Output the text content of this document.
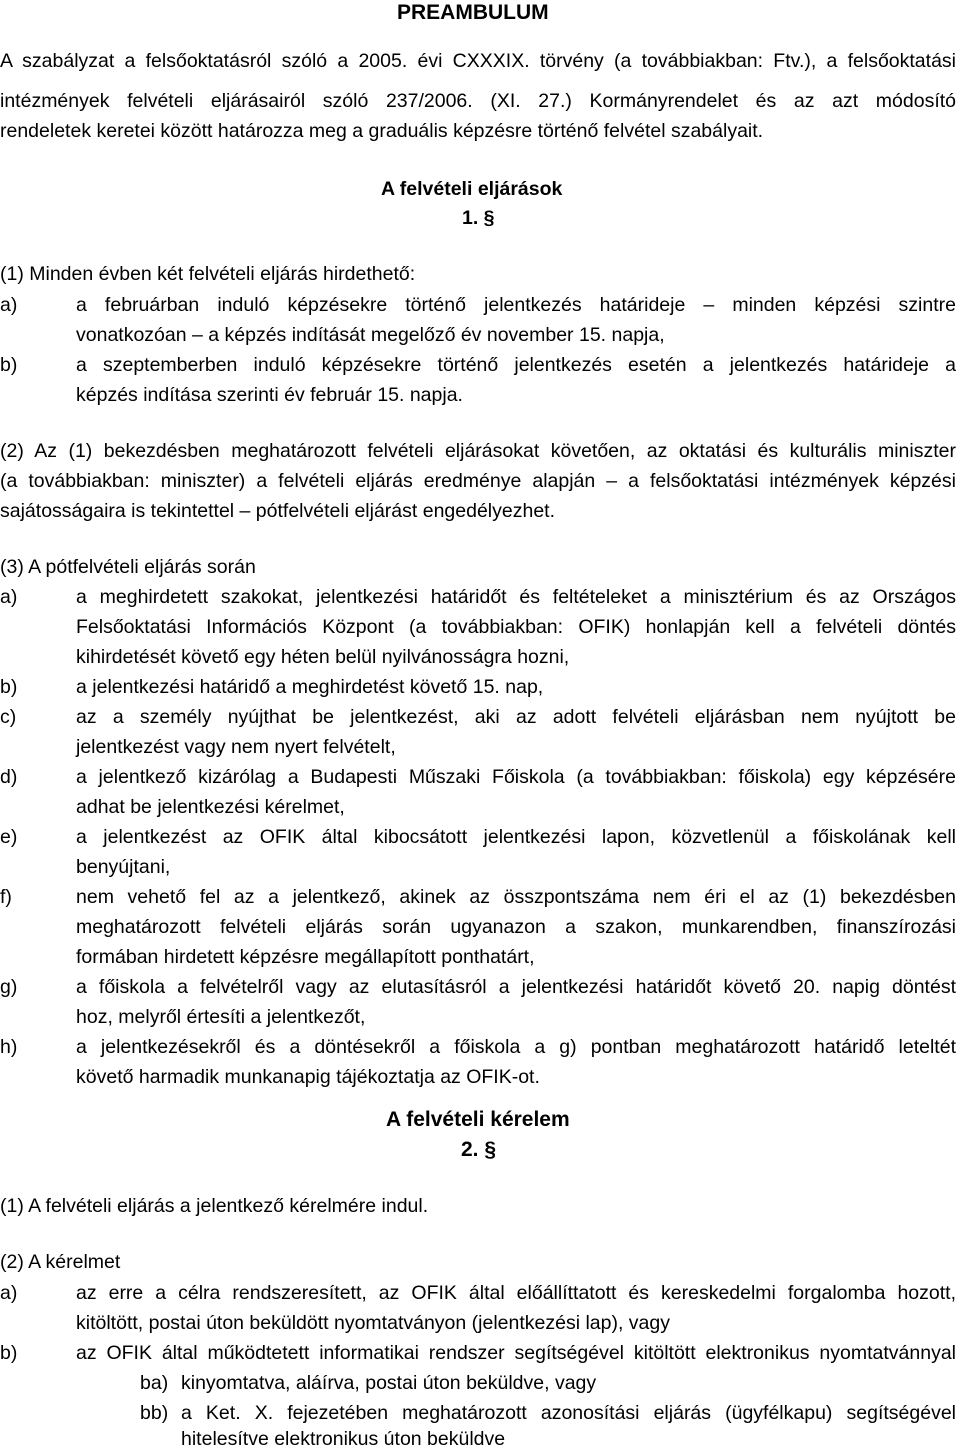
PREAMBULUM

A szabályzat a felsőoktatásról szóló a 2005. évi CXXXIX. törvény (a továbbiakban: Ftv.), a felsőoktatási

intézmények felvételi eljárásairól szóló 237/2006. (XI. 27.) Kormányrendelet és az azt módosító

rendeletek keretei között határozza meg a graduális képzésre történő felvétel szabályait.

A felvételi eljárások

1. §

(1) Minden évben két felvételi eljárás hirdethető:

a)	a februárban induló képzésekre történő jelentkezés határideje – minden képzési szintre

vonatkozóan – a képzés indítását megelőző év november 15. napja,

b)	a szeptemberben induló képzésekre történő jelentkezés esetén a jelentkezés határideje a

képzés indítása szerinti év február 15. napja.

(2) Az (1) bekezdésben meghatározott felvételi eljárásokat követően, az oktatási és kulturális miniszter

(a továbbiakban: miniszter) a felvételi eljárás eredménye alapján – a felsőoktatási intézmények képzési

sajátosságaira is tekintettel – pótfelvételi eljárást engedélyezhet.

(3) A pótfelvételi eljárás során

a)	a meghirdetett szakokat, jelentkezési határidőt és feltételeket a minisztérium és az Országos

Felsőoktatási Információs Központ (a továbbiakban: OFIK) honlapján kell a felvételi döntés

kihirdetését követő egy héten belül nyilvánosságra hozni,

b)	a jelentkezési határidő a meghirdetést követő 15. nap,

c)	az a személy nyújthat be jelentkezést, aki az adott felvételi eljárásban nem nyújtott be

jelentkezést vagy nem nyert felvételt,

d)	a jelentkező kizárólag a Budapesti Műszaki Főiskola (a továbbiakban: főiskola) egy képzésére

adhat be jelentkezési kérelmet,

e)	a jelentkezést az OFIK által kibocsátott jelentkezési lapon, közvetlenül a főiskolának kell

benyújtani,

f)	nem vehető fel az a jelentkező, akinek az összpontszáma nem éri el az (1) bekezdésben

meghatározott felvételi eljárás során ugyanazon a szakon, munkarendben, finanszírozási

formában hirdetett képzésre megállapított ponthatárt,

g)	a főiskola a felvételről vagy az elutasításról a jelentkezési határidőt követő 20. napig döntést

hoz, melyről értesíti a jelentkezőt,

h)	a jelentkezésekről és a döntésekről a főiskola a g) pontban meghatározott határidő leteltét

követő harmadik munkanapig tájékoztatja az OFIK-ot.

A felvételi kérelem

2. §

(1) A felvételi eljárás a jelentkező kérelmére indul.

(2) A kérelmet

a)	az erre a célra rendszeresített, az OFIK által előállíttatott és kereskedelmi forgalomba hozott,

kitöltött, postai úton beküldött nyomtatványon (jelentkezési lap), vagy

b)	az OFIK által működtetett informatikai rendszer segítségével kitöltött elektronikus nyomtatvánnyal

ba) kinyomtatva, aláírva, postai úton beküldve, vagy

bb) a Ket. X. fejezetében meghatározott azonosítási eljárás (ügyfélkapu) segítségével

hitelesítve elektronikus úton beküldve
